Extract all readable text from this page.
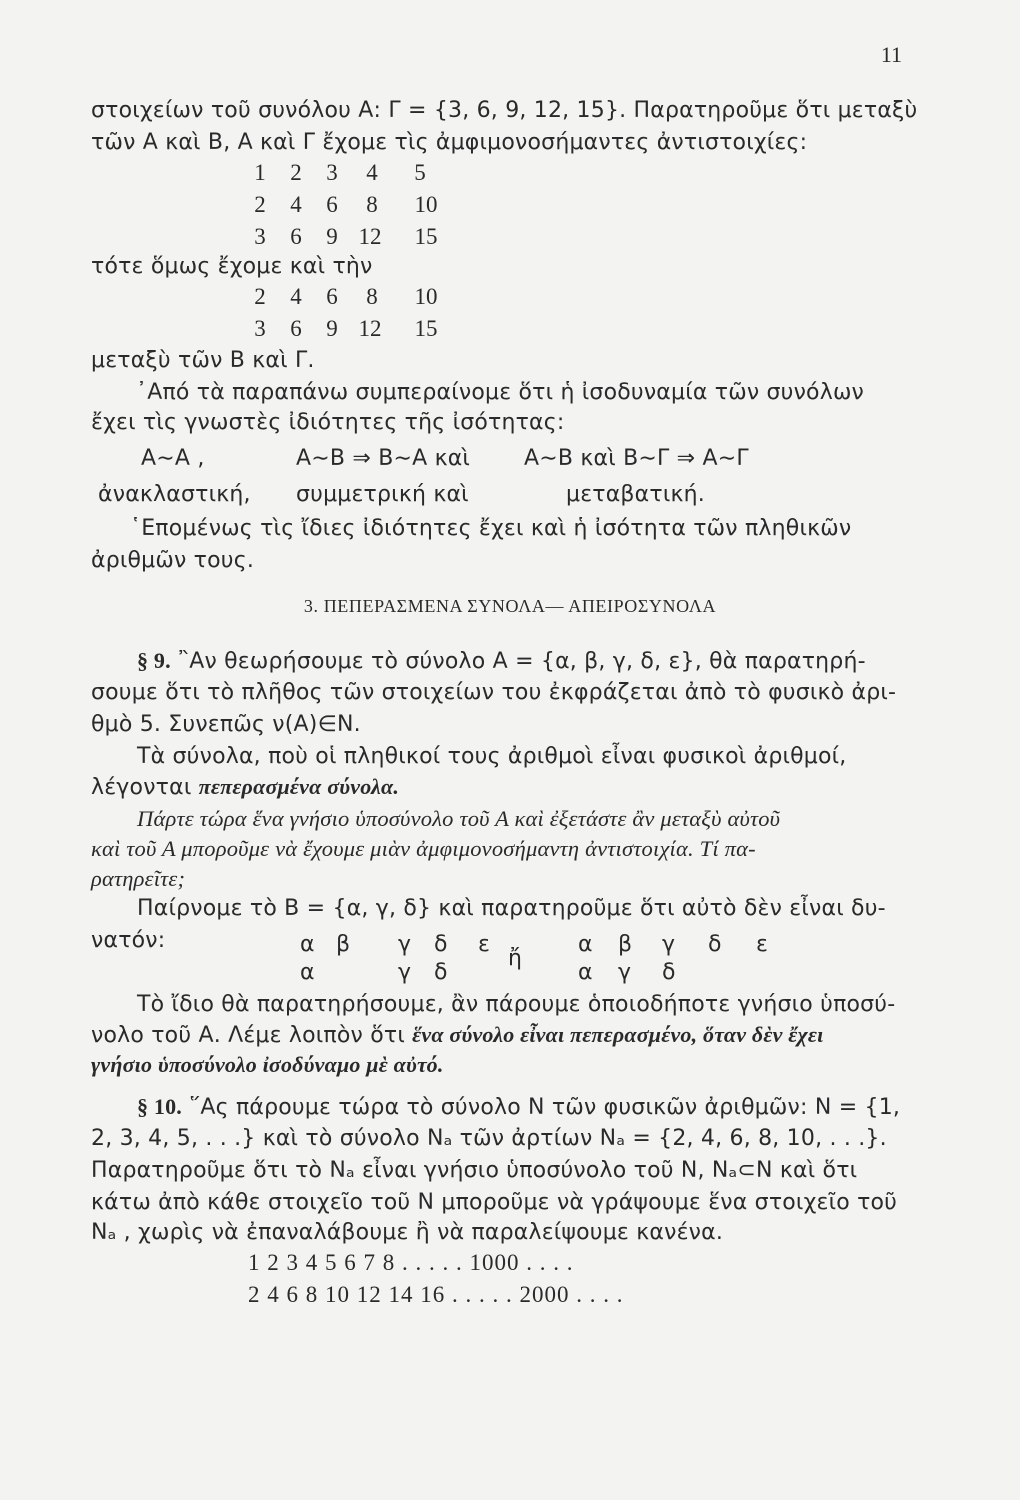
11
στοιχείων τοῦ συνόλου Α: Γ = {3, 6, 9, 12, 15}. Παρατηροῦμε ὅτι μεταξὺ
τῶν Α καὶ Β, Α καὶ Γ ἔχομε τὶς ἀμφιμονοσήμαντες ἀντιστοιχίες:
1	2	3	4	5
2	4	6	8	10
3	6	9 12	15
τότε ὅμως ἔχομε καὶ τὴν
2	4	6	8	10
3	6	9 12	15
μεταξὺ τῶν Β καὶ Γ.
᾿Από τὰ παραπάνω συμπεραίνομε ὅτι ἡ ἰσοδυναμία τῶν συνόλων
ἔχει τὶς γνωστὲς ἰδιότητες τῆς ἰσότητας:
Α∼Α ,	Α∼Β ⇒ Β∼Α καὶ Α∼Β καὶ Β∼Γ ⇒ Α∼Γ
ἀνακλαστική, συμμετρική καὶ	μεταβατική.
῾Επομένως τὶς ἴδιες ἰδιότητες ἔχει καὶ ἡ ἰσότητα τῶν πληθικῶν
ἀριθμῶν τους.
3. ΠΕΠΕΡΑΣΜΕΝΑ ΣΥΝΟΛΑ— ΑΠΕΙΡΟΣΥΝΟΛΑ
§ 9. ῍Αν θεωρήσουμε τὸ σύνολο Α = {α, β, γ, δ, ε}, θὰ παρατηρή-
σουμε ὅτι τὸ πλῆθος τῶν στοιχείων του ἐκφράζεται ἀπὸ τὸ φυσικὸ ἀρι-
θμὸ 5. Συνεπῶς ν(Α)∈Ν.
Τὰ σύνολα, ποὺ οἱ πληθικοί τους ἀριθμοὶ εἶναι φυσικοὶ ἀριθμοί,
λέγονται πεπερασμένα σύνολα.
Πάρτε τώρα ἕνα γνήσιο ὑποσύνολο τοῦ Α καὶ ἐξετάστε ἂν μεταξὺ αὐτοῦ
καὶ τοῦ Α μποροῦμε νὰ ἔχουμε μιὰν ἀμφιμονοσήμαντη ἀντιστοιχία. Τί πα-
ρατηρεῖτε;
Παίρνομε τὸ Β = {α, γ, δ} καὶ παρατηροῦμε ὅτι αὐτὸ δὲν εἶναι δυ-
νατόν:	α β γ δ ε
α	γ δ
ἤ
α β γ δ ε
α γ δ
Τὸ ἴδιο θὰ παρατηρήσουμε, ἂν πάρουμε ὁποιοδήποτε γνήσιο ὑποσύ-
νολο τοῦ Α. Λέμε λοιπὸν ὅτι ἕνα σύνολο εἶναι πεπερασμένο, ὅταν δὲν ἔχει
γνήσιο ὑποσύνολο ἰσοδύναμο μὲ αὐτό.
§ 10. ῞Ας πάρουμε τώρα τὸ σύνολο Ν τῶν φυσικῶν ἀριθμῶν: Ν = {1,
2, 3, 4, 5, . . .} καὶ τὸ σύνολο Νₐ τῶν ἀρτίων Νₐ = {2, 4, 6, 8, 10, . . .}.
Παρατηροῦμε ὅτι τὸ Νₐ εἶναι γνήσιο ὑποσύνολο τοῦ Ν, Νₐ⊂Ν καὶ ὅτι
κάτω ἀπὸ κάθε στοιχεῖο τοῦ Ν μποροῦμε νὰ γράψουμε ἕνα στοιχεῖο τοῦ
Νₐ , χωρὶς νὰ ἐπαναλάβουμε ἢ νὰ παραλείψουμε κανένα.
1 2 3 4 5 6 7 8 . . . . . 1000 . . . .
2 4 6 8 10 12 14 16 . . . . . 2000 . . . .
